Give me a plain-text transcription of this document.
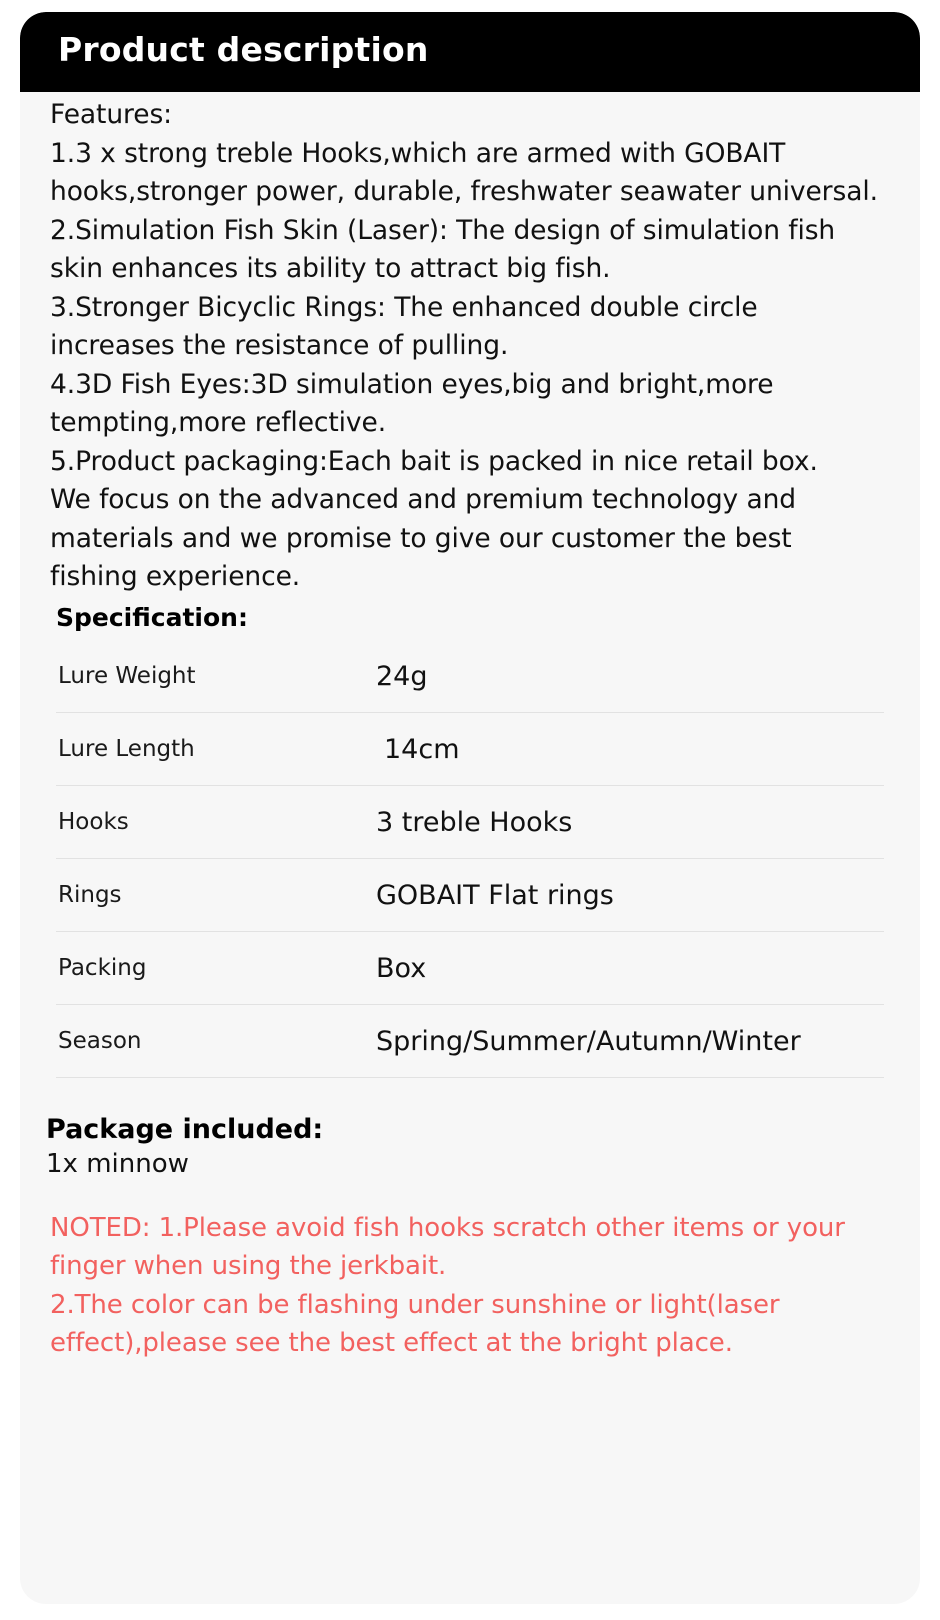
Product description

Features:

1.3 x strong treble Hooks,which are armed with GOBAIT hooks,stronger power, durable, freshwater seawater universal.

2.Simulation Fish Skin (Laser): The design of simulation fish skin enhances its ability to attract big fish.

3.Stronger Bicyclic Rings: The enhanced double circle increases the resistance of pulling.

4.3D Fish Eyes:3D simulation eyes,big and bright,more tempting,more reflective.

5.Product packaging:Each bait is packed in nice retail box.

We focus on the advanced and premium technology and materials and we promise to give our customer the best fishing experience.

Specification:
Lure Weight	24g
Lure Length	14cm
Hooks	3 treble Hooks
Rings	GOBAIT Flat rings
Packing	Box
Season	Spring/Summer/Autumn/Winter
Package included:
1x minnow

NOTED: 1.Please avoid fish hooks scratch other items or your finger when using the jerkbait.

2.The color can be flashing under sunshine or light(laser effect),please see the best effect at the bright place.
